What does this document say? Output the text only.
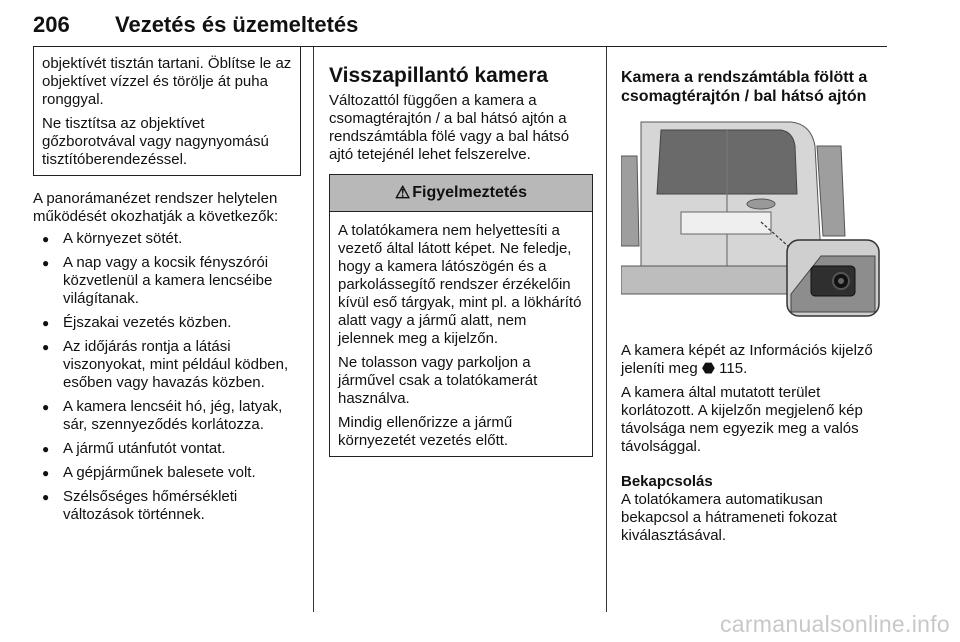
206 Vezetés és üzemeltetés

objektívét tisztán tartani. Öblítse le az objektívet vízzel és törölje át puha ronggyal.

Ne tisztítsa az objektívet gőzborotvával vagy nagynyomású tisztítóberendezéssel.

A panorámanézet rendszer helytelen működését okozhatják a következők:

● A környezet sötét.
● A nap vagy a kocsik fényszórói közvetlenül a kamera lencséibe világítanak.
● Éjszakai vezetés közben.
● Az időjárás rontja a látási viszonyokat, mint például ködben, esőben vagy havazás közben.
● A kamera lencséit hó, jég, latyak, sár, szennyeződés korlátozza.
● A jármű utánfutót vontat.
● A gépjárműnek balesete volt.
● Szélsőséges hőmérsékleti változások történnek.
Visszapillantó kamera

Változattól függően a kamera a csomagtérajtón / a bal hátsó ajtón a rendszámtábla fölé vagy a bal hátsó ajtó tetejénél lehet felszerelve.

⚠ Figyelmeztetés

A tolatókamera nem helyettesíti a vezető által látott képet. Ne feledje, hogy a kamera látószögén és a parkolássegítő rendszer érzékelőin kívül eső tárgyak, mint pl. a lökhárító alatt vagy a jármű alatt, nem jelennek meg a kijelzőn.

Ne tolasson vagy parkoljon a járművel csak a tolatókamerát használva.

Mindig ellenőrizze a jármű környezetét vezetés előtt.

Kamera a rendszámtábla fölött a csomagtérajtón / bal hátsó ajtón

A kamera képét az Információs kijelző jeleníti meg ⬣ 115.

A kamera által mutatott terület korlátozott. A kijelzőn megjelenő kép távolsága nem egyezik meg a valós távolsággal.

Bekapcsolás

A tolatókamera automatikusan bekapcsol a hátrameneti fokozat kiválasztásával.

carmanualsonline.info
